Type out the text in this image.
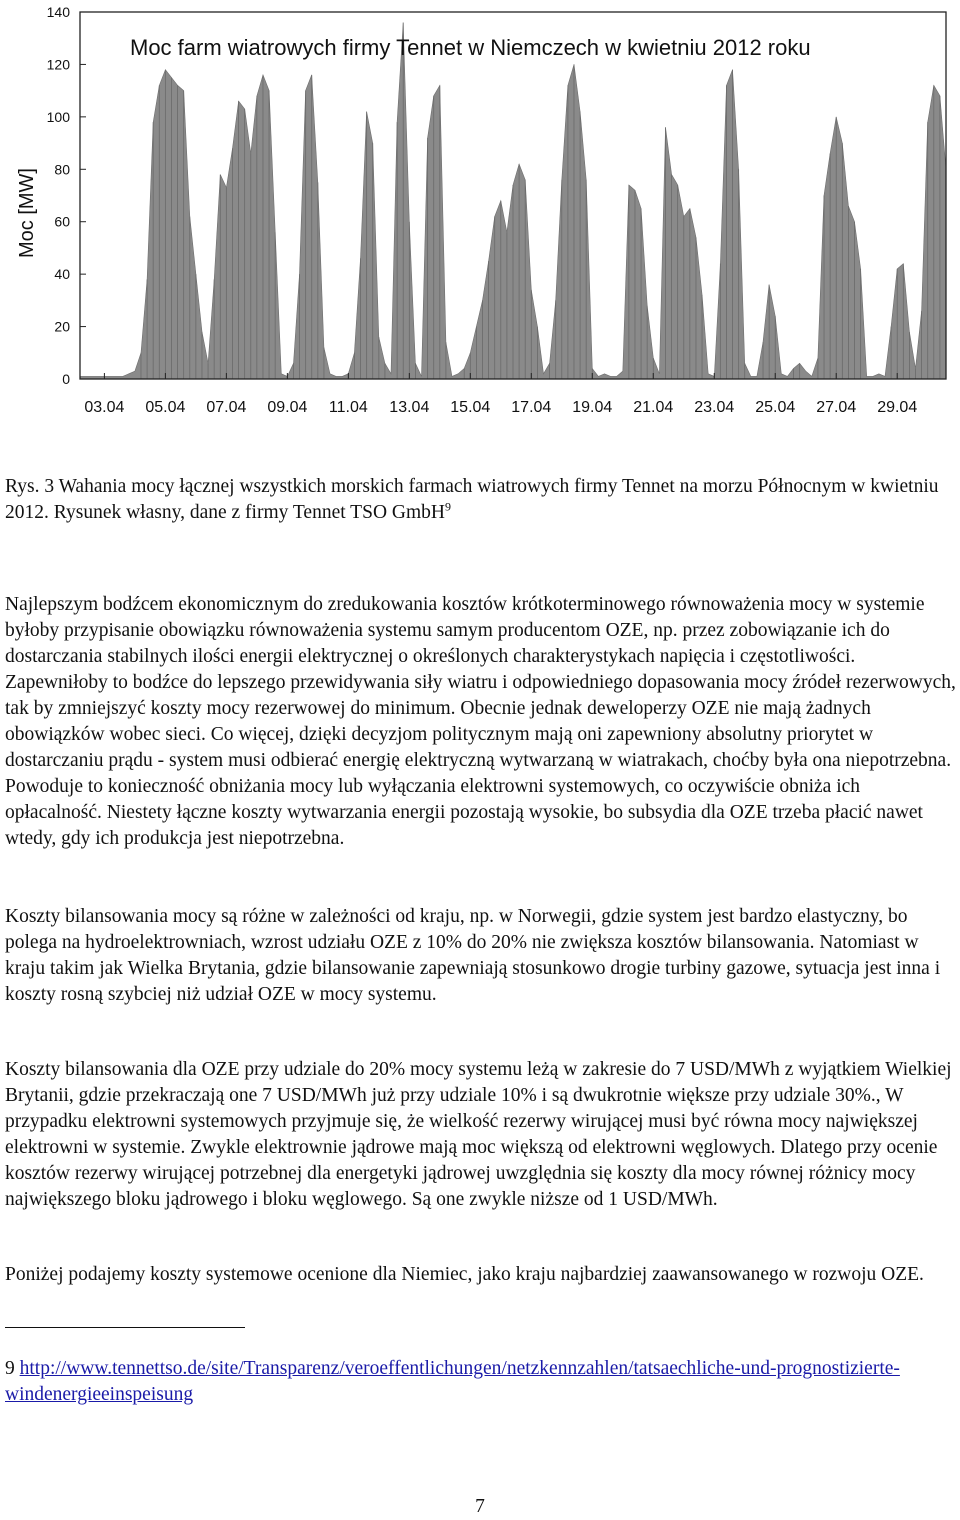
0
20
40
60
80
100
120
140
03.04 05.04 07.04 09.04 11.04 13.04 15.04 17.04 19.04 21.04 23.04 25.04 27.04 29.04
Moc farm wiatrowych firmy Tennet w Niemczech w kwietniu 2012 roku
Moc [MW]
Rys. 3 Wahania mocy łącznej wszystkich morskich farmach wiatrowych firmy Tennet na morzu Północnym w kwietniu 2012. Rysunek własny, dane z firmy Tennet TSO GmbH$^9$

Najlepszym bodźcem ekonomicznym do zredukowania kosztów krótkoterminowego równoważenia mocy w systemie byłoby przypisanie obowiązku równoważenia systemu samym producentom OZE, np. przez zobowiązanie ich do dostarczania stabilnych ilości energii elektrycznej o określonych charakterystykach napięcia i częstotliwości. Zapewniłoby to bodźce do lepszego przewidywania siły wiatru i odpowiedniego dopasowania mocy źródeł rezerwowych, tak by zmniejszyć koszty mocy rezerwowej do minimum. Obecnie jednak deweloperzy OZE nie mają żadnych obowiązków wobec sieci. Co więcej, dzięki decyzjom politycznym mają oni zapewniony absolutny priorytet w dostarczaniu prądu - system musi odbierać energię elektryczną wytwarzaną w wiatrakach, choćby była ona niepotrzebna. Powoduje to konieczność obniżania mocy lub wyłączania elektrowni systemowych, co oczywiście obniża ich opłacalność. Niestety łączne koszty wytwarzania energii pozostają wysokie, bo subsydia dla OZE trzeba płacić nawet wtedy, gdy ich produkcja jest niepotrzebna.

Koszty bilansowania mocy są różne w zależności od kraju, np. w Norwegii, gdzie system jest bardzo elastyczny, bo polega na hydroelektrowniach, wzrost udziału OZE z 10% do 20% nie zwiększa kosztów bilansowania. Natomiast w kraju takim jak Wielka Brytania, gdzie bilansowanie zapewniają stosunkowo drogie turbiny gazowe, sytuacja jest inna i koszty rosną szybciej niż udział OZE w mocy systemu.

Koszty bilansowania dla OZE przy udziale do 20% mocy systemu leżą w zakresie do 7 USD/MWh z wyjątkiem Wielkiej Brytanii, gdzie przekraczają one 7 USD/MWh już przy udziale 10% i są dwukrotnie większe przy udziale 30%., W przypadku elektrowni systemowych przyjmuje się, że wielkość rezerwy wirującej musi być równa mocy największej elektrowni w systemie. Zwykle elektrownie jądrowe mają moc większą od elektrowni węglowych. Dlatego przy ocenie kosztów rezerwy wirującej potrzebnej dla energetyki jądrowej uwzględnia się koszty dla mocy równej różnicy mocy największego bloku jądrowego i bloku węglowego. Są one zwykle niższe od 1 USD/MWh.

Poniżej podajemy koszty systemowe ocenione dla Niemiec, jako kraju najbardziej zaawansowanego w rozwoju OZE.

9 http://www.tennettso.de/site/Transparenz/veroeffentlichungen/netzkennzahlen/tatsaechliche-und-prognostizierte-windenergieeinspeisung
7
